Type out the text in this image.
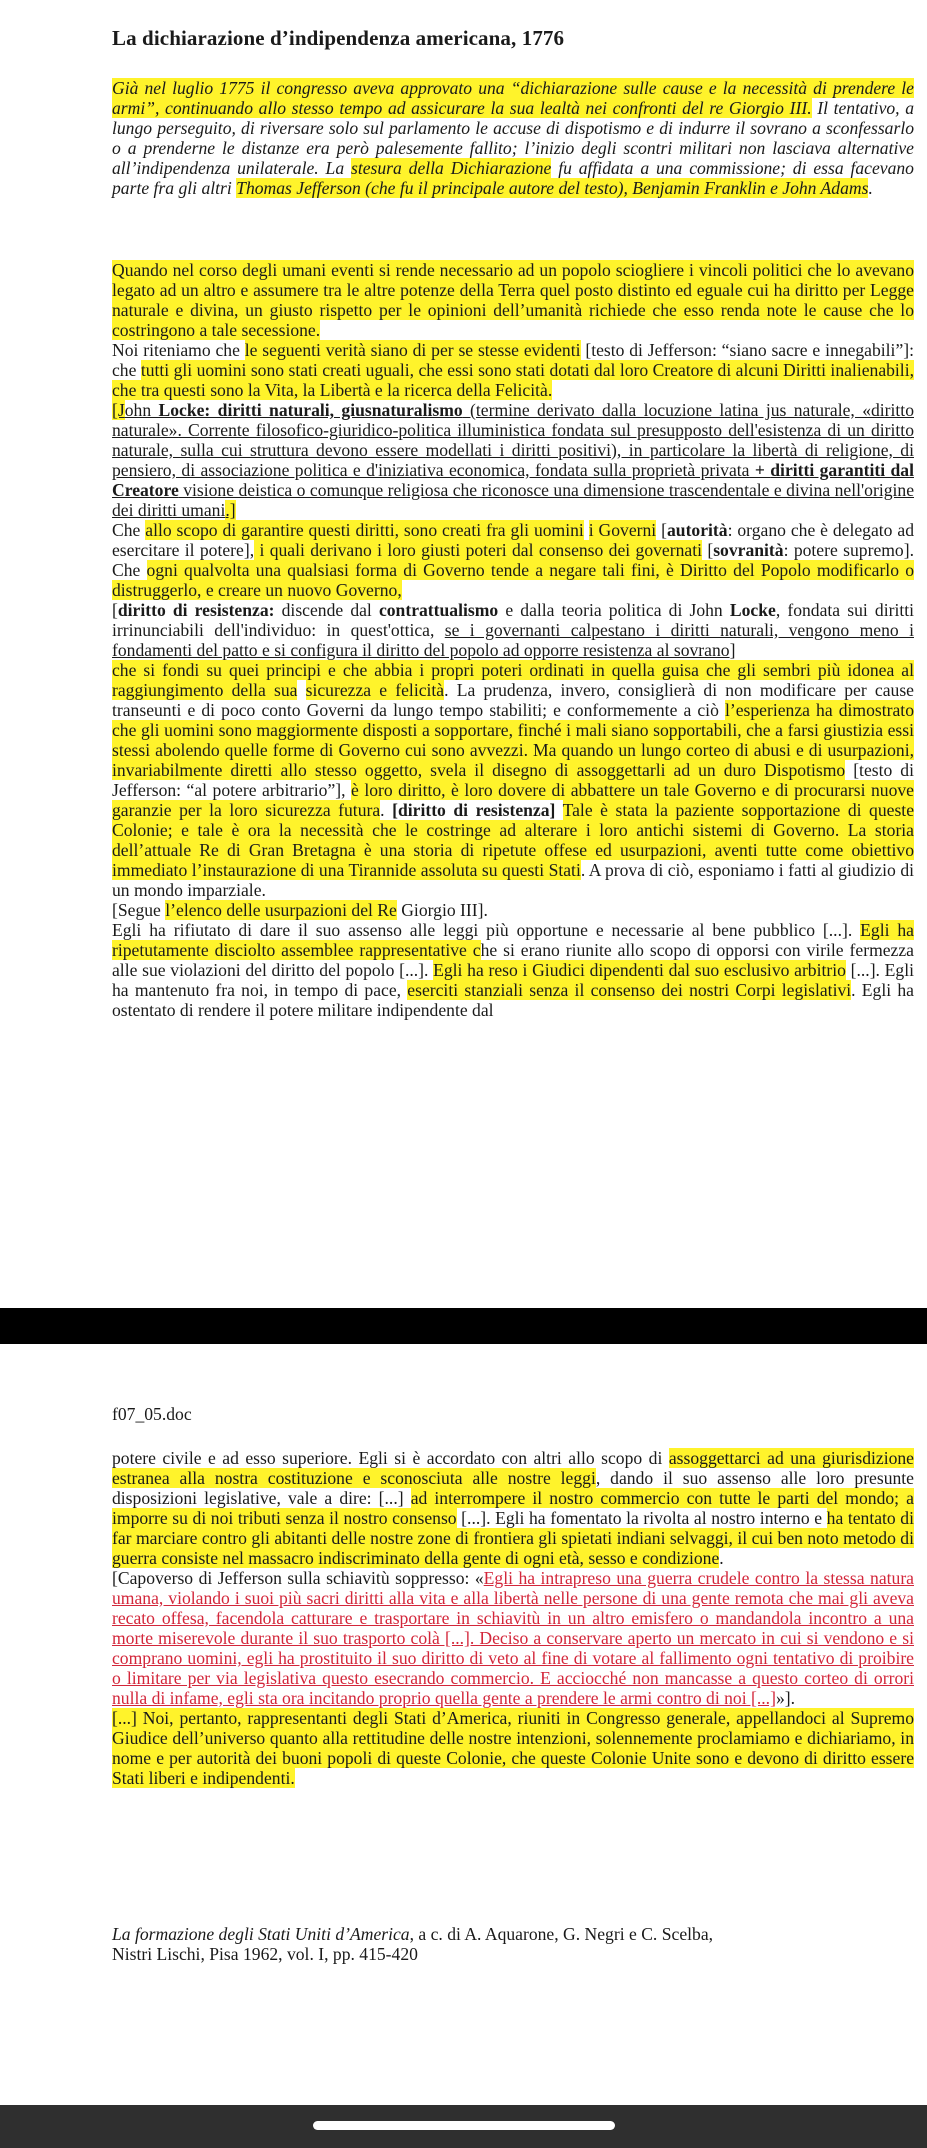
La dichiarazione d’indipendenza americana, 1776

Già nel luglio 1775 il congresso aveva approvato una “dichiarazione sulle cause e la necessità di prendere le armi”, continuando allo stesso tempo ad assicurare la sua lealtà nei confronti del re Giorgio III. Il tentativo, a lungo perseguito, di riversare solo sul parlamento le accuse di dispotismo e di indurre il sovrano a sconfessarlo o a prenderne le distanze era però palesemente fallito; l’inizio degli scontri militari non lasciava alternative all’indipendenza unilaterale. La stesura della Dichiarazione fu affidata a una commissione; di essa facevano parte fra gli altri Thomas Jefferson (che fu il principale autore del testo), Benjamin Franklin e John Adams.

Quando nel corso degli umani eventi si rende necessario ad un popolo sciogliere i vincoli politici che lo avevano legato ad un altro e assumere tra le altre potenze della Terra quel posto distinto ed eguale cui ha diritto per Legge naturale e divina, un giusto rispetto per le opinioni dell’umanità richiede che esso renda note le cause che lo costringono a tale secessione.

Noi riteniamo che le seguenti verità siano di per se stesse evidenti [testo di Jefferson: “siano sacre e innegabili”]: che tutti gli uomini sono stati creati uguali, che essi sono stati dotati dal loro Creatore di alcuni Diritti inalienabili, che tra questi sono la Vita, la Libertà e la ricerca della Felicità.

[John Locke: diritti naturali, giusnaturalismo (termine derivato dalla locuzione latina jus naturale, «diritto naturale». Corrente filosofico-giuridico-politica illuministica fondata sul presupposto dell'esistenza di un diritto naturale, sulla cui struttura devono essere modellati i diritti positivi), in particolare la libertà di religione, di pensiero, di associazione politica e d'iniziativa economica, fondata sulla proprietà privata + diritti garantiti dal Creatore visione deistica o comunque religiosa che riconosce una dimensione trascendentale e divina nell'origine dei diritti umani.]

Che allo scopo di garantire questi diritti, sono creati fra gli uomini i Governi [autorità: organo che è delegato ad esercitare il potere], i quali derivano i loro giusti poteri dal consenso dei governati [sovranità: potere supremo]. Che ogni qualvolta una qualsiasi forma di Governo tende a negare tali fini, è Diritto del Popolo modificarlo o distruggerlo, e creare un nuovo Governo,

[diritto di resistenza: discende dal contrattualismo e dalla teoria politica di John Locke, fondata sui diritti irrinunciabili dell'individuo: in quest'ottica, se i governanti calpestano i diritti naturali, vengono meno i fondamenti del patto e si configura il diritto del popolo ad opporre resistenza al sovrano]

che si fondi su quei principi e che abbia i propri poteri ordinati in quella guisa che gli sembri più idonea al raggiungimento della sua sicurezza e felicità. La prudenza, invero, consiglierà di non modificare per cause transeunti e di poco conto Governi da lungo tempo stabiliti; e conformemente a ciò l’esperienza ha dimostrato che gli uomini sono maggiormente disposti a sopportare, finché i mali siano sopportabili, che a farsi giustizia essi stessi abolendo quelle forme di Governo cui sono avvezzi. Ma quando un lungo corteo di abusi e di usurpazioni, invariabilmente diretti allo stesso oggetto, svela il disegno di assoggettarli ad un duro Dispotismo [testo di Jefferson: “al potere arbitrario”], è loro diritto, è loro dovere di abbattere un tale Governo e di procurarsi nuove garanzie per la loro sicurezza futura. [diritto di resistenza] Tale è stata la paziente sopportazione di queste Colonie; e tale è ora la necessità che le costringe ad alterare i loro antichi sistemi di Governo. La storia dell’attuale Re di Gran Bretagna è una storia di ripetute offese ed usurpazioni, aventi tutte come obiettivo immediato l’instaurazione di una Tirannide assoluta su questi Stati. A prova di ciò, esponiamo i fatti al giudizio di un mondo imparziale.

[Segue l’elenco delle usurpazioni del Re Giorgio III].

Egli ha rifiutato di dare il suo assenso alle leggi più opportune e necessarie al bene pubblico [...]. Egli ha ripetutamente disciolto assemblee rappresentative che si erano riunite allo scopo di opporsi con virile fermezza alle sue violazioni del diritto del popolo [...]. Egli ha reso i Giudici dipendenti dal suo esclusivo arbitrio [...]. Egli ha mantenuto fra noi, in tempo di pace, eserciti stanziali senza il consenso dei nostri Corpi legislativi. Egli ha ostentato di rendere il potere militare indipendente dal

f07_05.doc

potere civile e ad esso superiore. Egli si è accordato con altri allo scopo di assoggettarci ad una giurisdizione estranea alla nostra costituzione e sconosciuta alle nostre leggi, dando il suo assenso alle loro presunte disposizioni legislative, vale a dire: [...] ad interrompere il nostro commercio con tutte le parti del mondo; a imporre su di noi tributi senza il nostro consenso [...]. Egli ha fomentato la rivolta al nostro interno e ha tentato di far marciare contro gli abitanti delle nostre zone di frontiera gli spietati indiani selvaggi, il cui ben noto metodo di guerra consiste nel massacro indiscriminato della gente di ogni età, sesso e condizione.

[Capoverso di Jefferson sulla schiavitù soppresso: «Egli ha intrapreso una guerra crudele contro la stessa natura umana, violando i suoi più sacri diritti alla vita e alla libertà nelle persone di una gente remota che mai gli aveva recato offesa, facendola catturare e trasportare in schiavitù in un altro emisfero o mandandola incontro a una morte miserevole durante il suo trasporto colà [...]. Deciso a conservare aperto un mercato in cui si vendono e si comprano uomini, egli ha prostituito il suo diritto di veto al fine di votare al fallimento ogni tentativo di proibire o limitare per via legislativa questo esecrando commercio. E acciocché non mancasse a questo corteo di orrori nulla di infame, egli sta ora incitando proprio quella gente a prendere le armi contro di noi [...]»].

[...] Noi, pertanto, rappresentanti degli Stati d’America, riuniti in Congresso generale, appellandoci al Supremo Giudice dell’universo quanto alla rettitudine delle nostre intenzioni, solennemente proclamiamo e dichiariamo, in nome e per autorità dei buoni popoli di queste Colonie, che queste Colonie Unite sono e devono di diritto essere Stati liberi e indipendenti.

La formazione degli Stati Uniti d’America, a c. di A. Aquarone, G. Negri e C. Scelba,

Nistri Lischi, Pisa 1962, vol. I, pp. 415-420
